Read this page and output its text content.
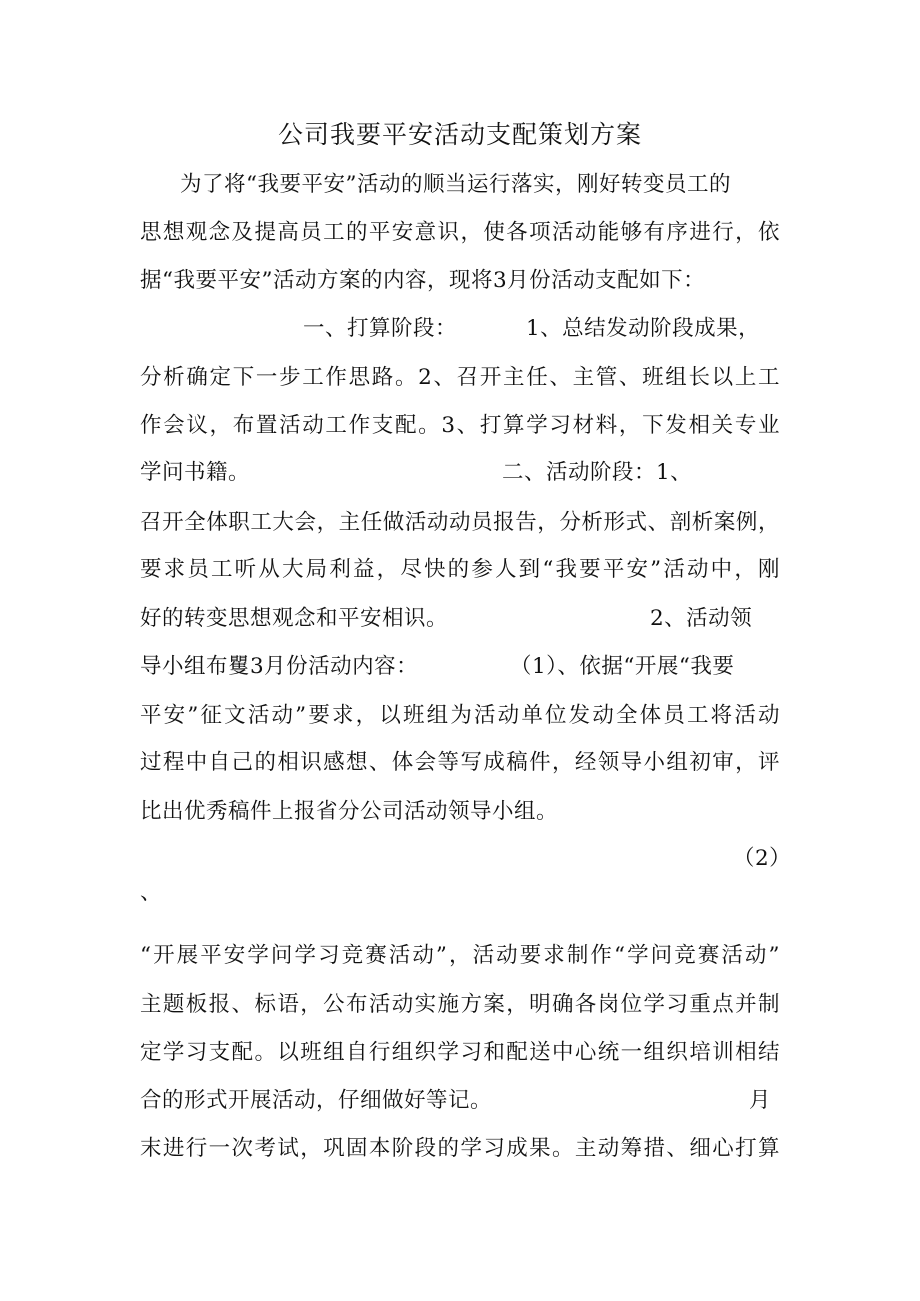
公司我要平安活动支配策划方案
为了将“我要平安”活动的顺当运行落实，刚好转变员工的
思想观念及提高员工的平安意识，使各项活动能够有序进行，依
据“我要平安”活动方案的内容，现将3月份活动支配如下：
一、打算阶段：	1、总结发动阶段成果，
分析确定下一步工作思路。2、召开主任、主管、班组长以上工
作会议，布置活动工作支配。3、打算学习材料，下发相关专业
学问书籍。	二、活动阶段：1、
召开全体职工大会，主任做活动动员报告，分析形式、剖析案例，
要求员工听从大局利益，尽快的参人到“我要平安”活动中，刚
好的转变思想观念和平安相识。	2、活动领
导小组布矍3月份活动内容：	（1）、依据“开展“我要
平安”征文活动”要求，以班组为活动单位发动全体员工将活动
过程中自己的相识感想、体会等写成稿件，经领导小组初审，评
比出优秀稿件上报省分公司活动领导小组。
（2）
、
“开展平安学问学习竞赛活动”，活动要求制作“学问竞赛活动”
主题板报、标语，公布活动实施方案，明确各岗位学习重点并制
定学习支配。以班组自行组织学习和配送中心统一组织培训相结
合的形式开展活动，仔细做好等记。	月
末进行一次考试，巩固本阶段的学习成果。主动筹措、细心打算
